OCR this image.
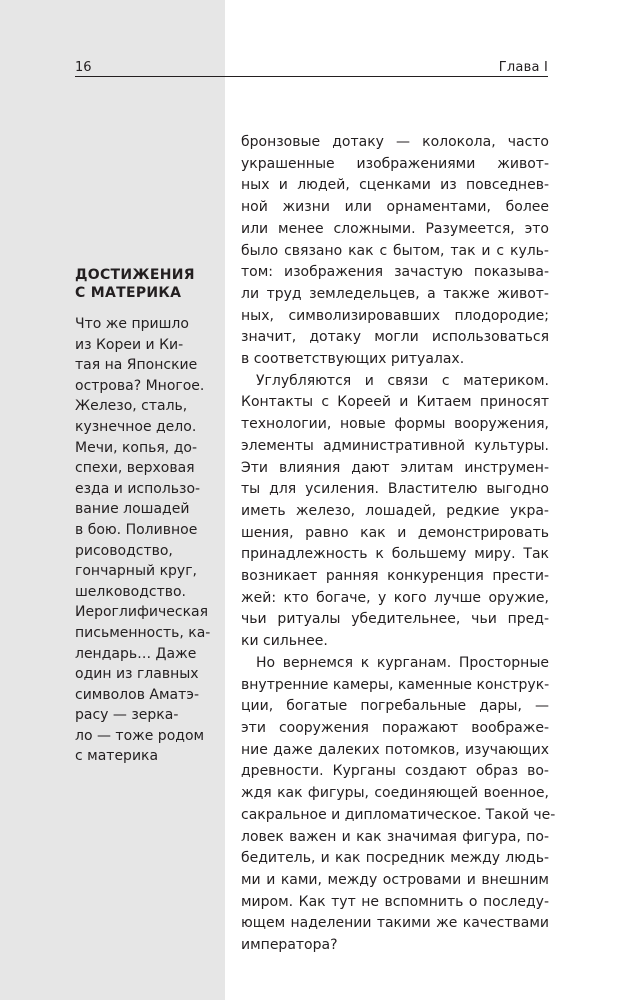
16	Глава I
ДОСТИЖЕНИЯ
С МАТЕРИКА
Что же пришло
из Кореи и Ки-
тая на Японские
острова? Многое.
Железо, сталь,
кузнечное дело.
Мечи, копья, до-
спехи, верховая
езда и использо-
вание лошадей
в бою. Поливное
рисоводство,
гончарный круг,
шелководство.
Иероглифическая
письменность, ка-
лендарь… Даже
один из главных
символов Аматэ-
расу — зерка-
ло — тоже родом
с материка
бронзовые дотаку — колокола, часто
украшенные изображениями живот-
ных и людей, сценками из повседнев-
ной жизни или орнаментами, более
или менее сложными. Разумеется, это
было связано как с бытом, так и с куль-
том: изображения зачастую показыва-
ли труд земледельцев, а также живот-
ных, символизировавших плодородие;
значит, дотаку могли использоваться
в соответствующих ритуалах.
Углубляются и связи с материком.
Контакты с Кореей и Китаем приносят
технологии, новые формы вооружения,
элементы административной культуры.
Эти влияния дают элитам инструмен-
ты для усиления. Властителю выгодно
иметь железо, лошадей, редкие укра-
шения, равно как и демонстрировать
принадлежность к большему миру. Так
возникает ранняя конкуренция прести-
жей: кто богаче, у кого лучше оружие,
чьи ритуалы убедительнее, чьи пред-
ки сильнее.
Но вернемся к курганам. Просторные
внутренние камеры, каменные конструк-
ции, богатые погребальные дары, —
эти сооружения поражают воображе-
ние даже далеких потомков, изучающих
древности. Курганы создают образ во-
ждя как фигуры, соединяющей военное,
сакральное и дипломатическое. Такой че-
ловек важен и как значимая фигура, по-
бедитель, и как посредник между людь-
ми и ками, между островами и внешним
миром. Как тут не вспомнить о последу-
ющем наделении такими же качествами
императора?
